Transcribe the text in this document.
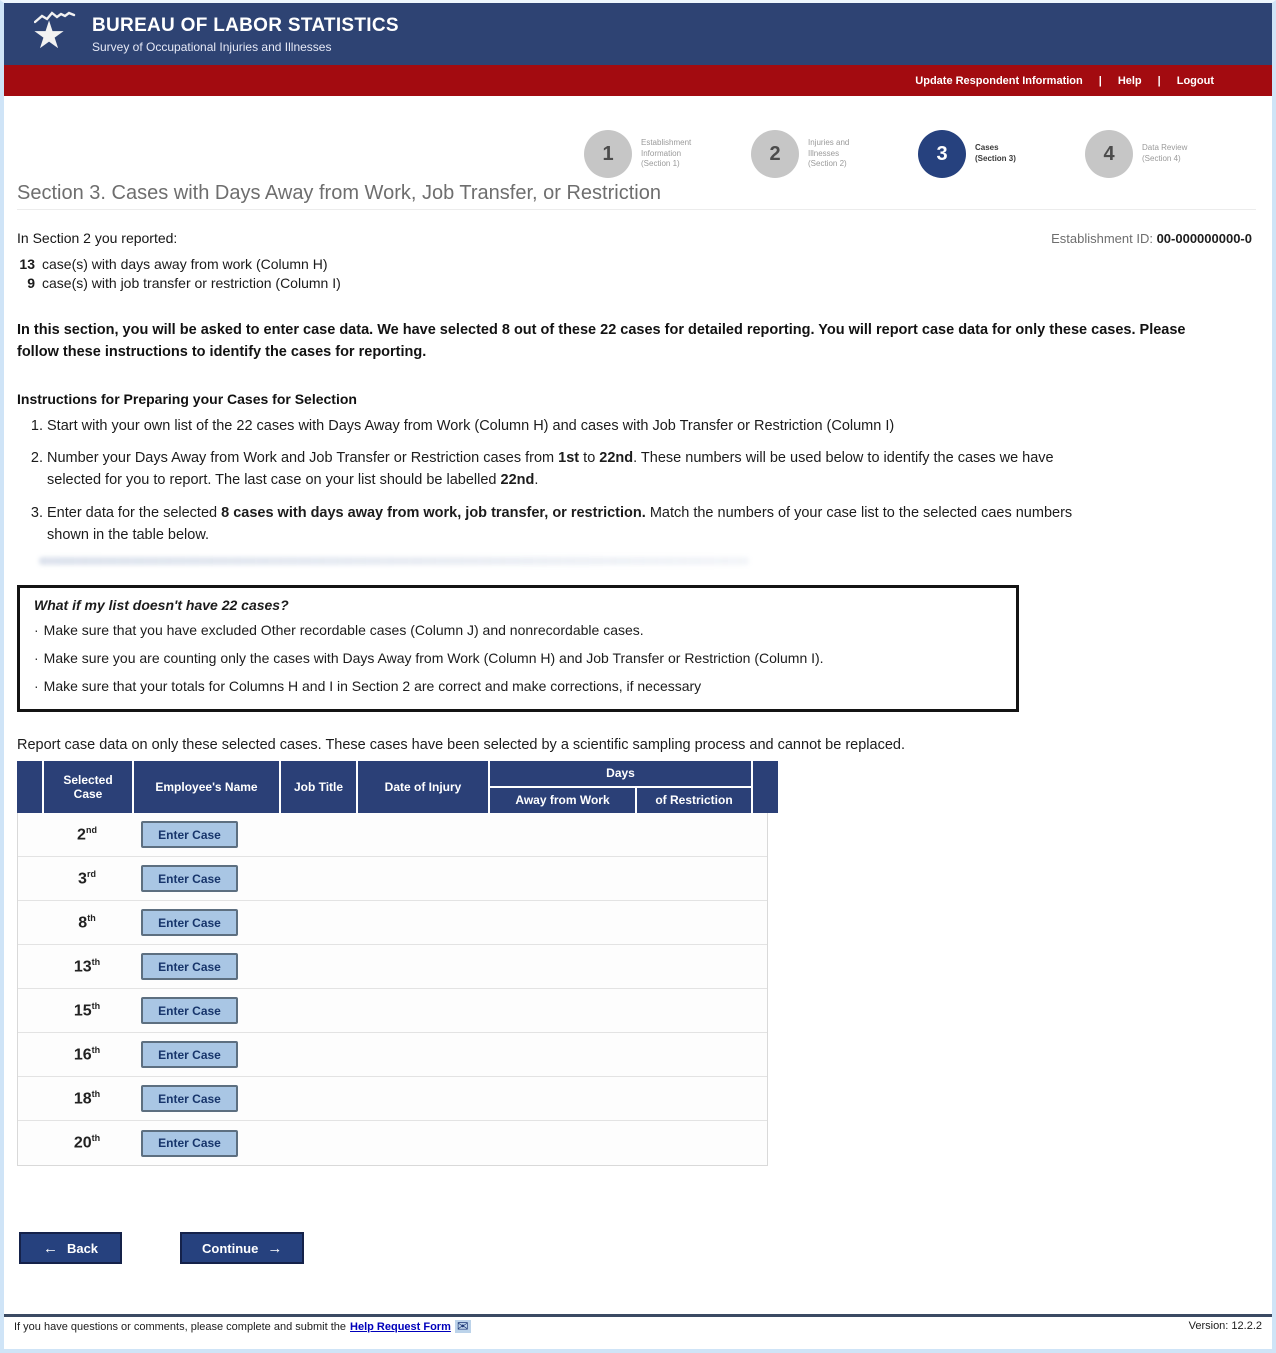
★ BUREAU OF LABOR STATISTICS
Survey of Occupational Injuries and Illnesses
Update Respondent Information | Help | Logout
1
Establishment
Information
(Section 1)	2
Injuries and
Illnesses
(Section 2)	3	Cases
(Section 3)	4	Data Review
(Section 4)
Section 3. Cases with Days Away from Work, Job Transfer, or Restriction
In Section 2 you reported:	Establishment ID: 00-000000000-0
13 case(s) with days away from work (Column H)
9 case(s) with job transfer or restriction (Column I)
In this section, you will be asked to enter case data. We have selected 8 out of these 22 cases for detailed reporting. You will report case data for only these cases. Please follow these instructions to identify the cases for reporting.
Instructions for Preparing your Cases for Selection
1. Start with your own list of the 22 cases with Days Away from Work (Column H) and cases with Job Transfer or Restriction (Column I)
2. Number your Days Away from Work and Job Transfer or Restriction cases from 1st to 22nd. These numbers will be used below to identify the cases we have selected for you to report. The last case on your list should be labelled 22nd.
3. Enter data for the selected 8 cases with days away from work, job transfer, or restriction. Match the numbers of your case list to the selected caes numbers shown in the table below.
What if my list doesn't have 22 cases?
· Make sure that you have excluded Other recordable cases (Column J) and nonrecordable cases.
· Make sure you are counting only the cases with Days Away from Work (Column H) and Job Transfer or Restriction (Column I).
· Make sure that your totals for Columns H and I in Section 2 are correct and make corrections, if necessary
Report case data on only these selected cases. These cases have been selected by a scientific sampling process and cannot be replaced.
Selected Case
Employee's Name	Job Title	Date of Injury
Days
Away from Work	of Restriction
2nd	Enter Case
3rd	Enter Case
8th	Enter Case
13th	Enter Case
15th	Enter Case
16th	Enter Case
18th	Enter Case
20th	Enter Case
← Back	Continue →
If you have questions or comments, please complete and submit the Help Request Form ✉	Version: 12.2.2
